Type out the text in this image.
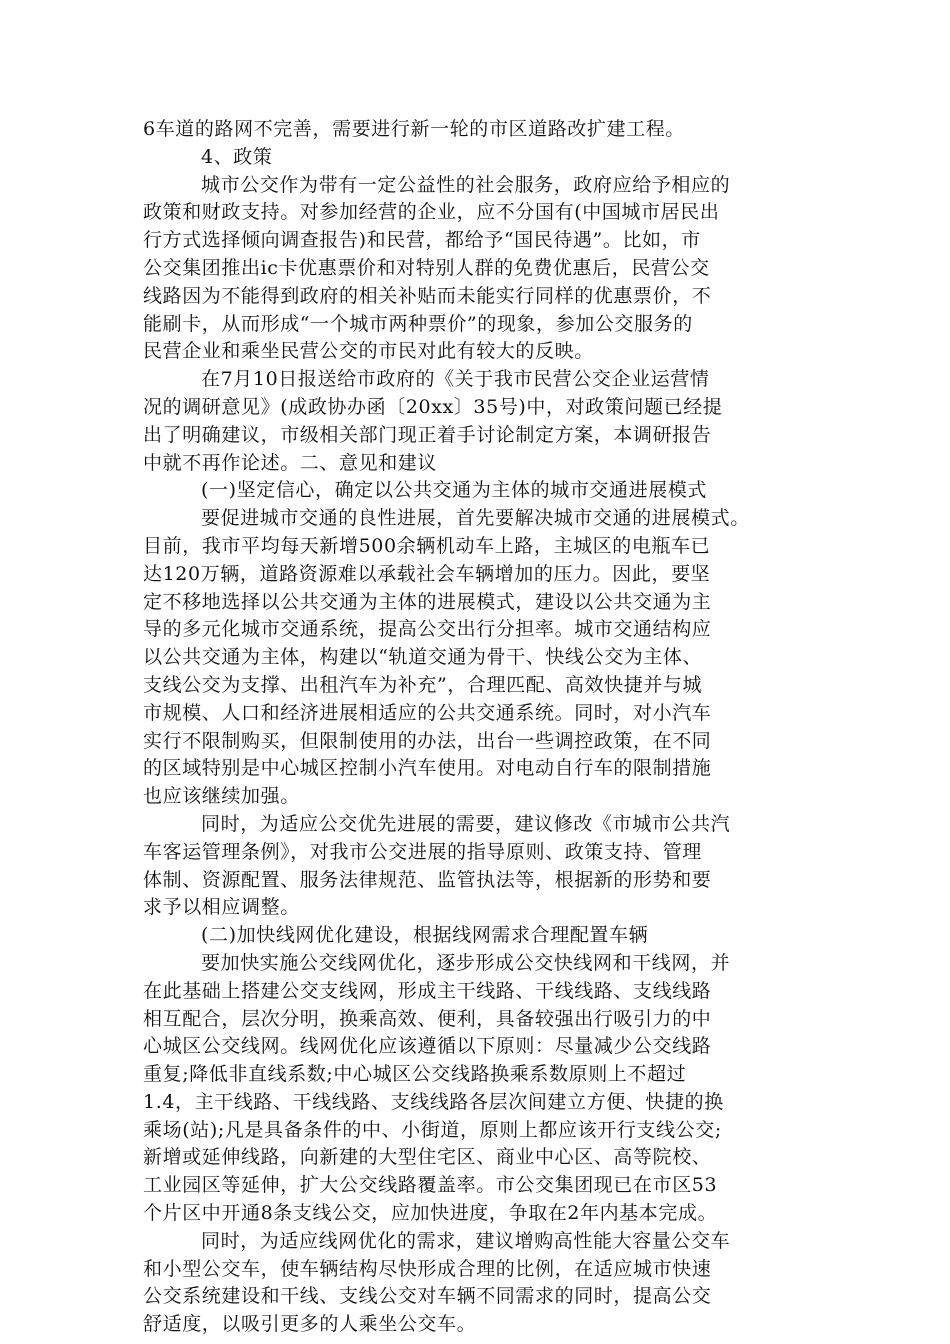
6车道的路网不完善，需要进行新一轮的市区道路改扩建工程。
4、政策
城市公交作为带有一定公益性的社会服务，政府应给予相应的
政策和财政支持。对参加经营的企业，应不分国有(中国城市居民出
行方式选择倾向调查报告)和民营，都给予“国民待遇”。比如，市
公交集团推出ic卡优惠票价和对特别人群的免费优惠后，民营公交
线路因为不能得到政府的相关补贴而未能实行同样的优惠票价，不
能刷卡，从而形成“一个城市两种票价”的现象，参加公交服务的
民营企业和乘坐民营公交的市民对此有较大的反映。
在7月10日报送给市政府的《关于我市民营公交企业运营情
况的调研意见》(成政协办函〔20xx〕35号)中，对政策问题已经提
出了明确建议，市级相关部门现正着手讨论制定方案，本调研报告
中就不再作论述。二、意见和建议
(一)坚定信心，确定以公共交通为主体的城市交通进展模式
要促进城市交通的良性进展，首先要解决城市交通的进展模式。
目前，我市平均每天新增500余辆机动车上路，主城区的电瓶车已
达120万辆，道路资源难以承载社会车辆增加的压力。因此，要坚
定不移地选择以公共交通为主体的进展模式，建设以公共交通为主
导的多元化城市交通系统，提高公交出行分担率。城市交通结构应
以公共交通为主体，构建以“轨道交通为骨干、快线公交为主体、
支线公交为支撑、出租汽车为补充”，合理匹配、高效快捷并与城
市规模、人口和经济进展相适应的公共交通系统。同时，对小汽车
实行不限制购买，但限制使用的办法，出台一些调控政策，在不同
的区域特别是中心城区控制小汽车使用。对电动自行车的限制措施
也应该继续加强。
同时，为适应公交优先进展的需要，建议修改《市城市公共汽
车客运管理条例》，对我市公交进展的指导原则、政策支持、管理
体制、资源配置、服务法律规范、监管执法等，根据新的形势和要
求予以相应调整。
(二)加快线网优化建设，根据线网需求合理配置车辆
要加快实施公交线网优化，逐步形成公交快线网和干线网，并
在此基础上搭建公交支线网，形成主干线路、干线线路、支线线路
相互配合，层次分明，换乘高效、便利，具备较强出行吸引力的中
心城区公交线网。线网优化应该遵循以下原则：尽量减少公交线路
重复;降低非直线系数;中心城区公交线路换乘系数原则上不超过
1.4，主干线路、干线线路、支线线路各层次间建立方便、快捷的换
乘场(站);凡是具备条件的中、小街道，原则上都应该开行支线公交;
新增或延伸线路，向新建的大型住宅区、商业中心区、高等院校、
工业园区等延伸，扩大公交线路覆盖率。市公交集团现已在市区53
个片区中开通8条支线公交，应加快进度，争取在2年内基本完成。
同时，为适应线网优化的需求，建议增购高性能大容量公交车
和小型公交车，使车辆结构尽快形成合理的比例，在适应城市快速
公交系统建设和干线、支线公交对车辆不同需求的同时，提高公交
舒适度，以吸引更多的人乘坐公交车。
